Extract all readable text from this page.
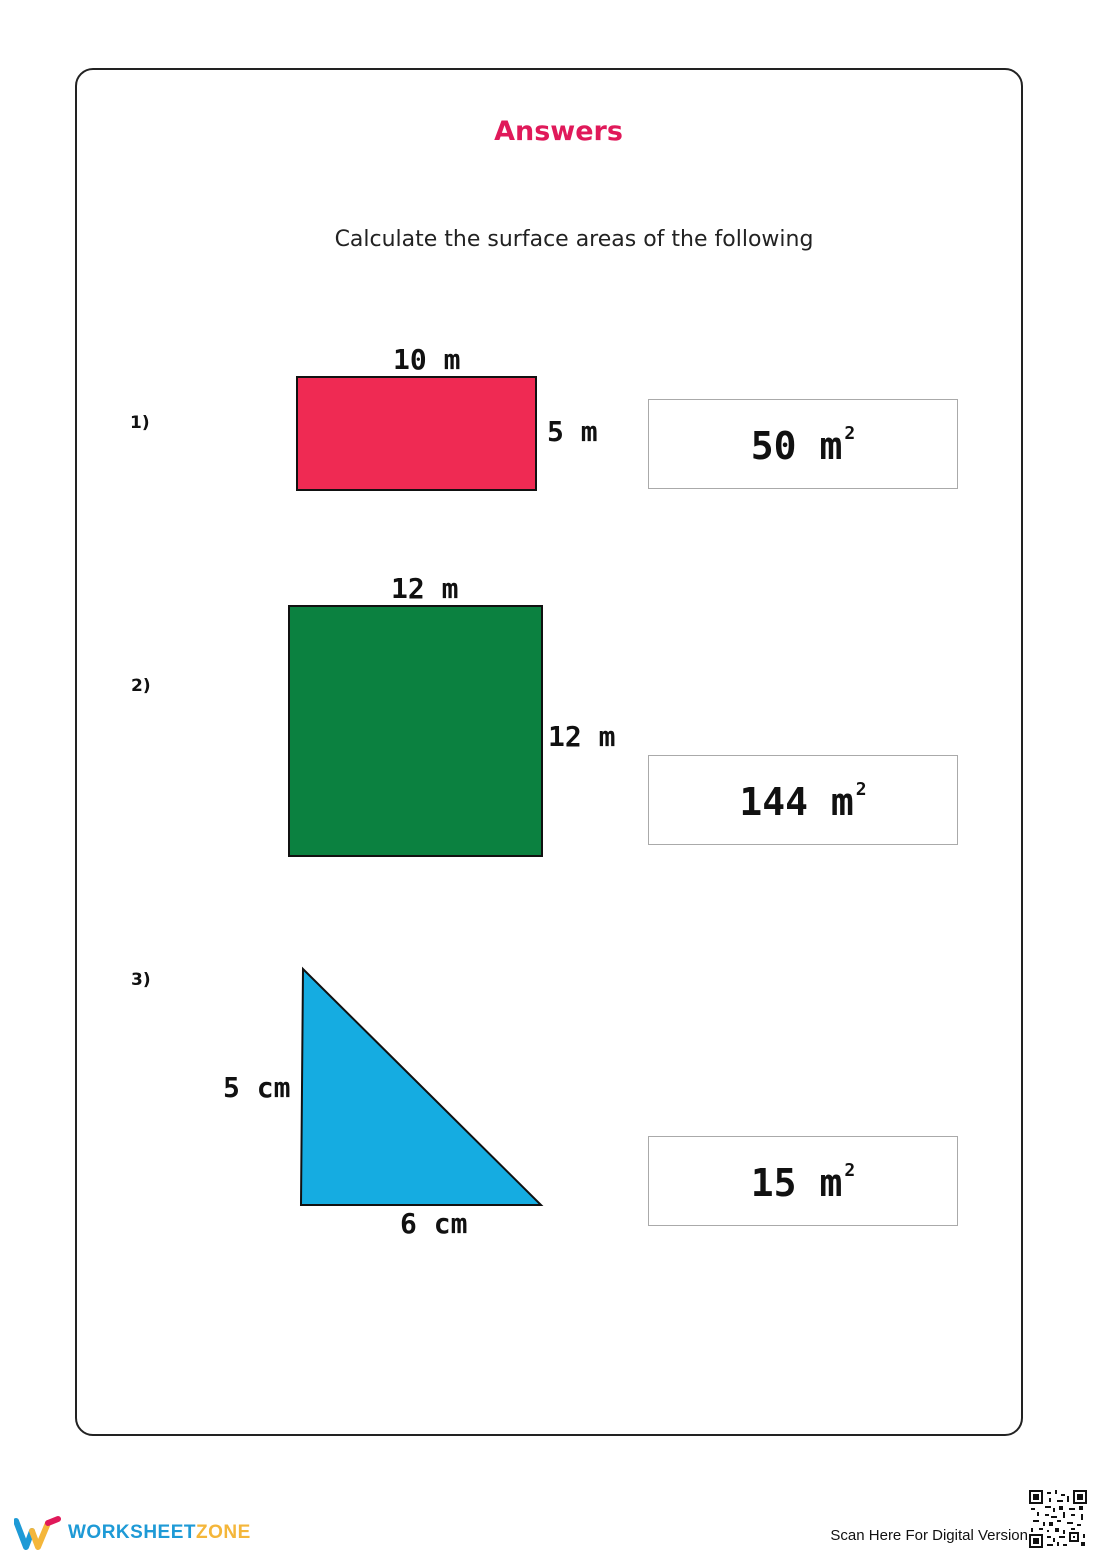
Answers
Calculate the surface areas of the following
1)
10 m
5 m	50 m $^2$
2)
12 m
12 m
144 m $^2$
3)
5 cm
6 cm
15 m $^2$
WORKSHEETZONE	Scan Here For Digital Version
